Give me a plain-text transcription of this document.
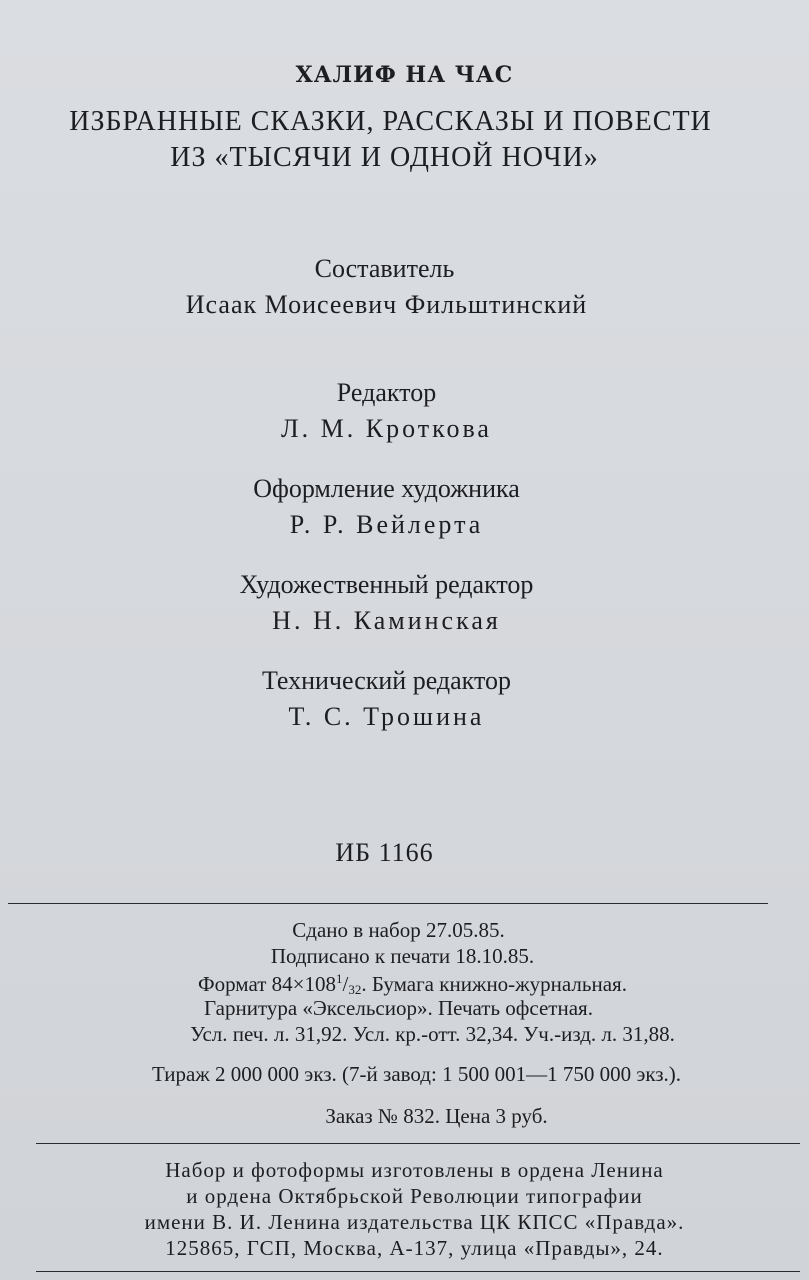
ХАЛИФ НА ЧАС
ИЗБРАННЫЕ СКАЗКИ, РАССКАЗЫ И ПОВЕСТИ
ИЗ «ТЫСЯЧИ И ОДНОЙ НОЧИ»
Составитель
Исаак Моисеевич Фильштинский
Редактор
Л. М. Кроткова
Оформление художника
Р. Р. Вейлерта
Художественный редактор
Н. Н. Каминская
Технический редактор
Т. С. Трошина
ИБ 1166
Сдано в набор 27.05.85.
Подписано к печати 18.10.85.
Формат $84\times 108^1/_{32}$. Бумага книжно-журнальная.
Гарнитура «Эксельсиор». Печать офсетная.
Усл. печ. л. 31,92. Усл. кр.-отт. 32,34. Уч.-изд. л. 31,88.
Тираж 2 000 000 экз. (7-й завод: 1 500 001—1 750 000 экз.).
Заказ № 832. Цена 3 руб.
Набор и фотоформы изготовлены в ордена Ленина
и ордена Октябрьской Революции типографии
имени В. И. Ленина издательства ЦК КПСС «Правда».
125865, ГСП, Москва, А-137, улица «Правды», 24.
